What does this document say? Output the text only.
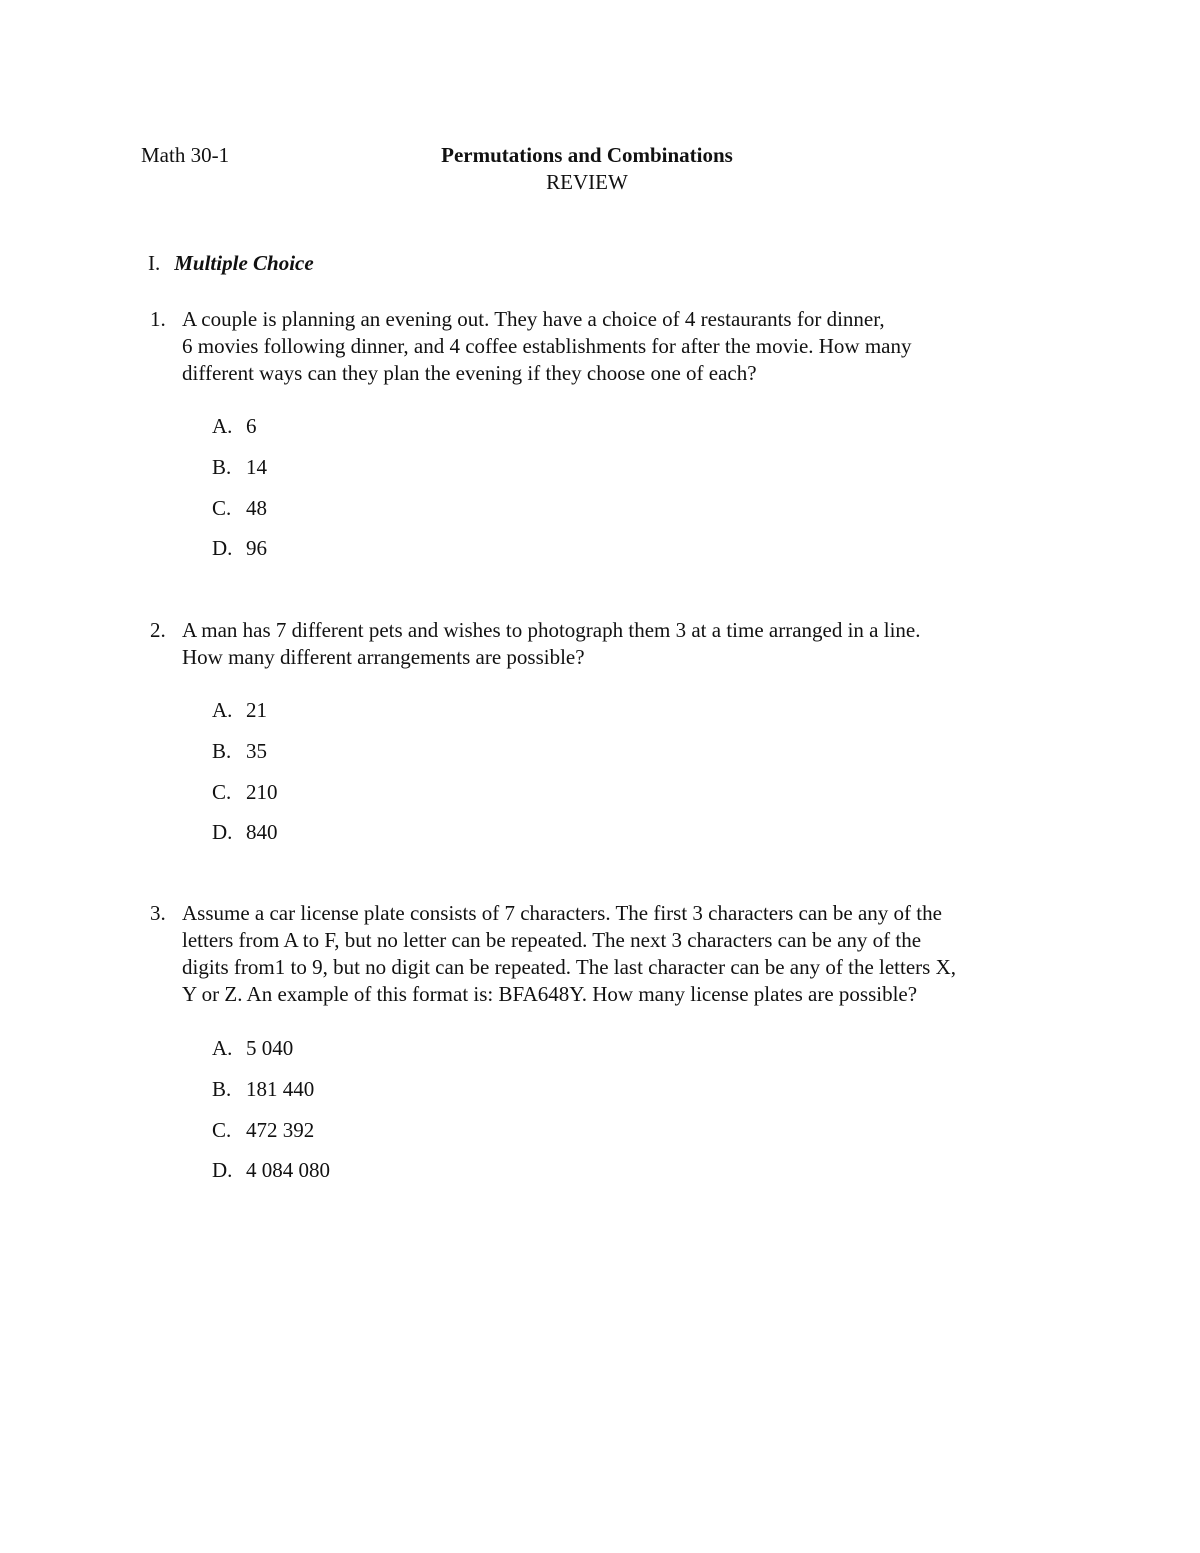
Math 30-1	Permutations and Combinations
REVIEW
I. Multiple Choice
1. A couple is planning an evening out. They have a choice of 4 restaurants for dinner,
6 movies following dinner, and 4 coffee establishments for after the movie. How many
different ways can they plan the evening if they choose one of each?
A. 6
B. 14
C. 48
D. 96
2. A man has 7 different pets and wishes to photograph them 3 at a time arranged in a line.
How many different arrangements are possible?
A. 21
B. 35
C. 210
D. 840
3. Assume a car license plate consists of 7 characters. The first 3 characters can be any of the
letters from A to F, but no letter can be repeated. The next 3 characters can be any of the
digits from1 to 9, but no digit can be repeated. The last character can be any of the letters X,
Y or Z. An example of this format is: BFA648Y. How many license plates are possible?
A. 5 040
B. 181 440
C. 472 392
D. 4 084 080
